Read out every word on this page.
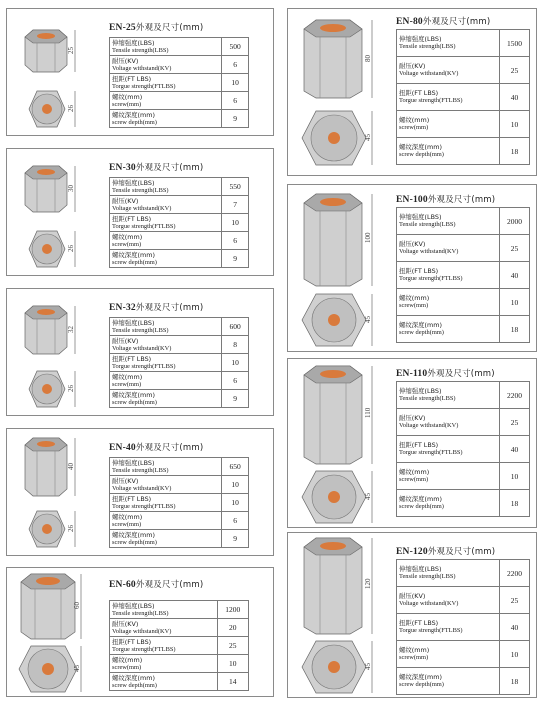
25
26
EN-25外观及尺寸(mm)
伸缩强度(LBS)
Tensile strength(LBS)	500

耐压(KV)
Voltage withstand(KV)	6

扭距(FT LBS)
Torgue strength(FTLBS)	10

螺纹(mm)
screw(mm)	6

螺纹深度(mm)
screw depth(mm)	9
30
26
EN-30外观及尺寸(mm)
伸缩强度(LBS)
Tensile strength(LBS)	550

耐压(KV)
Voltage withstand(KV)	7

扭距(FT LBS)
Torgue strength(FTLBS)	10

螺纹(mm)
screw(mm)	6

螺纹深度(mm)
screw depth(mm)	9
32
26
EN-32外观及尺寸(mm)
伸缩强度(LBS)
Tensile strength(LBS)	600

耐压(KV)
Voltage withstand(KV)	8

扭距(FT LBS)
Torgue strength(FTLBS)	10

螺纹(mm)
screw(mm)	6

螺纹深度(mm)
screw depth(mm)	9
40
26
EN-40外观及尺寸(mm)
伸缩强度(LBS)
Tensile strength(LBS)	650

耐压(KV)
Voltage withstand(KV)	10

扭距(FT LBS)
Torgue strength(FTLBS)	10

螺纹(mm)
screw(mm)	6

螺纹深度(mm)
screw depth(mm)	9
60
45
EN-60外观及尺寸(mm)
伸缩强度(LBS)
Tensile strength(LBS)	1200

耐压(KV)
Voltage withstand(KV)	20

扭距(FT LBS)
Torgue strength(FTLBS)	25

螺纹(mm)
screw(mm)	10

螺纹深度(mm)
screw depth(mm)	14
80
45
EN-80外观及尺寸(mm)
伸缩强度(LBS)
Tensile strength(LBS)	1500

耐压(KV)
Voltage withstand(KV)	25

扭距(FT LBS)
Torgue strength(FTLBS)	40

螺纹(mm)
screw(mm)	10

螺纹深度(mm)
screw depth(mm)	18
100
45
EN-100外观及尺寸(mm)
伸缩强度(LBS)
Tensile strength(LBS)	2000

耐压(KV)
Voltage withstand(KV)	25

扭距(FT LBS)
Torgue strength(FTLBS)	40

螺纹(mm)
screw(mm)	10

螺纹深度(mm)
screw depth(mm)	18
110
45
EN-110外观及尺寸(mm)
伸缩强度(LBS)
Tensile strength(LBS)	2200

耐压(KV)
Voltage withstand(KV)	25

扭距(FT LBS)
Torgue strength(FTLBS)	40

螺纹(mm)
screw(mm)	10

螺纹深度(mm)
screw depth(mm)	18
120
45
EN-120外观及尺寸(mm)
伸缩强度(LBS)
Tensile strength(LBS)	2200

耐压(KV)
Voltage withstand(KV)	25

扭距(FT LBS)
Torgue strength(FTLBS)	40

螺纹(mm)
screw(mm)	10

螺纹深度(mm)
screw depth(mm)	18
